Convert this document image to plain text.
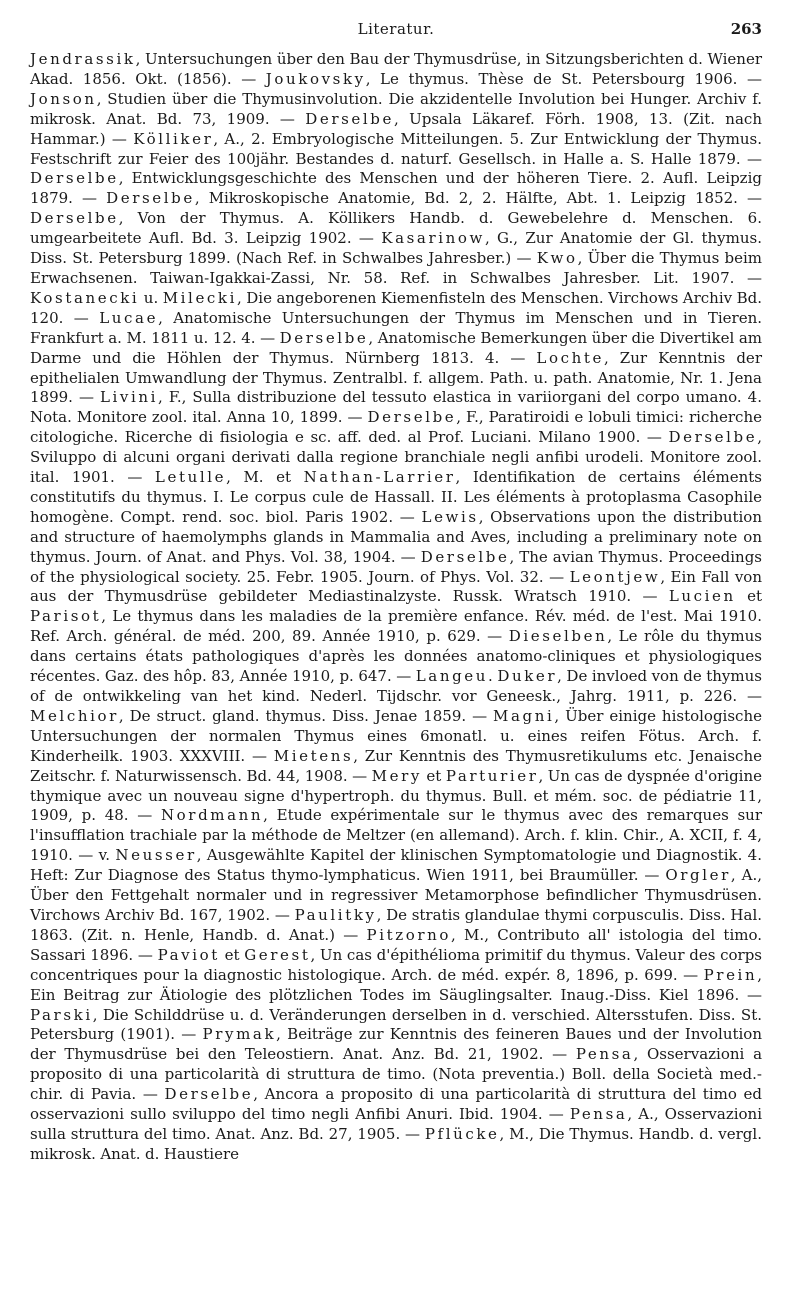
Literatur.	263

Jendrassik, Untersuchungen über den Bau der Thymusdrüse, in Sitzungsberichten d. Wiener Akad. 1856. Okt. (1856). — Joukovsky, Le thymus. Thèse de St. Petersbourg 1906. — Jonson, Studien über die Thymusinvolution. Die akzidentelle Involution bei Hunger. Archiv f. mikrosk. Anat. Bd. 73, 1909. — Derselbe, Upsala Läkaref. Förh. 1908, 13. (Zit. nach Hammar.) — Kölliker, A., 2. Embryologische Mitteilungen. 5. Zur Entwicklung der Thymus. Festschrift zur Feier des 100jähr. Bestandes d. naturf. Gesellsch. in Halle a. S. Halle 1879. — Derselbe, Entwicklungsgeschichte des Menschen und der höheren Tiere. 2. Aufl. Leipzig 1879. — Derselbe, Mikroskopische Anatomie, Bd. 2, 2. Hälfte, Abt. 1. Leipzig 1852. — Derselbe, Von der Thymus. A. Köllikers Handb. d. Gewebelehre d. Menschen. 6. umgearbeitete Aufl. Bd. 3. Leipzig 1902. — Kasarinow, G., Zur Anatomie der Gl. thymus. Diss. St. Petersburg 1899. (Nach Ref. in Schwalbes Jahresber.) — Kwo, Über die Thymus beim Erwachsenen. Taiwan-Igakkai-Zassi, Nr. 58. Ref. in Schwalbes Jahresber. Lit. 1907. — Kostanecki u. Milecki, Die angeborenen Kiemenfisteln des Menschen. Virchows Archiv Bd. 120. — Lucae, Anatomische Untersuchungen der Thymus im Menschen und in Tieren. Frankfurt a. M. 1811 u. 12. 4. — Derselbe, Anatomische Bemerkungen über die Divertikel am Darme und die Höhlen der Thymus. Nürnberg 1813. 4. — Lochte, Zur Kenntnis der epithelialen Umwandlung der Thymus. Zentralbl. f. allgem. Path. u. path. Anatomie, Nr. 1. Jena 1899. — Livini, F., Sulla distribuzione del tessuto elastica in variiorgani del corpo umano. 4. Nota. Monitore zool. ital. Anna 10, 1899. — Derselbe, F., Paratiroidi e lobuli timici: richerche citologiche. Ricerche di fisiologia e sc. aff. ded. al Prof. Luciani. Milano 1900. — Derselbe, Sviluppo di alcuni organi derivati dalla regione branchiale negli anfibi urodeli. Monitore zool. ital. 1901. — Letulle, M. et Nathan-Larrier, Identifikation de certains éléments constitutifs du thymus. I. Le corpus cule de Hassall. II. Les éléments à protoplasma Casophile homogène. Compt. rend. soc. biol. Paris 1902. — Lewis, Observations upon the distribution and structure of haemolymphs glands in Mammalia and Aves, including a preliminary note on thymus. Journ. of Anat. and Phys. Vol. 38, 1904. — Derselbe, The avian Thymus. Proceedings of the physiological society. 25. Febr. 1905. Journ. of Phys. Vol. 32. — Leontjew, Ein Fall von aus der Thymusdrüse gebildeter Mediastinalzyste. Russk. Wratsch 1910. — Lucien et Parisot, Le thymus dans les maladies de la première enfance. Rév. méd. de l'est. Mai 1910. Ref. Arch. général. de méd. 200, 89. Année 1910, p. 629. — Dieselben, Le rôle du thymus dans certains états pathologiques d'après les données anatomo-cliniques et physiologiques récentes. Gaz. des hôp. 83, Année 1910, p. 647. — Langeu. Duker, De invloed von de thymus of de ontwikkeling van het kind. Nederl. Tijdschr. vor Geneesk., Jahrg. 1911, p. 226. — Melchior, De struct. gland. thymus. Diss. Jenae 1859. — Magni, Über einige histologische Untersuchungen der normalen Thymus eines 6monatl. u. eines reifen Fötus. Arch. f. Kinderheilk. 1903. XXXVIII. — Mietens, Zur Kenntnis des Thymusretikulums etc. Jenaische Zeitschr. f. Naturwissensch. Bd. 44, 1908. — Mery et Parturier, Un cas de dyspnée d'origine thymique avec un nouveau signe d'hypertroph. du thymus. Bull. et mém. soc. de pédiatrie 11, 1909, p. 48. — Nordmann, Etude expérimentale sur le thymus avec des remarques sur l'insufflation trachiale par la méthode de Meltzer (en allemand). Arch. f. klin. Chir., A. XCII, f. 4, 1910. — v. Neusser, Ausgewählte Kapitel der klinischen Symptomatologie und Diagnostik. 4. Heft: Zur Diagnose des Status thymo-lymphaticus. Wien 1911, bei Braumüller. — Orgler, A., Über den Fettgehalt normaler und in regressiver Metamorphose befindlicher Thymusdrüsen. Virchows Archiv Bd. 167, 1902. — Paulitky, De stratis glandulae thymi corpusculis. Diss. Hal. 1863. (Zit. n. Henle, Handb. d. Anat.) — Pitzorno, M., Contributo all' istologia del timo. Sassari 1896. — Paviot et Gerest, Un cas d'épithélioma primitif du thymus. Valeur des corps concentriques pour la diagnostic histologique. Arch. de méd. expér. 8, 1896, p. 699. — Prein, Ein Beitrag zur Ätiologie des plötzlichen Todes im Säuglingsalter. Inaug.-Diss. Kiel 1896. — Parski, Die Schilddrüse u. d. Veränderungen derselben in d. verschied. Altersstufen. Diss. St. Petersburg (1901). — Prymak, Beiträge zur Kenntnis des feineren Baues und der Involution der Thymusdrüse bei den Teleostiern. Anat. Anz. Bd. 21, 1902. — Pensa, Osservazioni a proposito di una particolarità di struttura de timo. (Nota preventia.) Boll. della Società med.-chir. di Pavia. — Derselbe, Ancora a proposito di una particolarità di struttura del timo ed osservazioni sullo sviluppo del timo negli Anfibi Anuri. Ibid. 1904. — Pensa, A., Osservazioni sulla struttura del timo. Anat. Anz. Bd. 27, 1905. — Pflücke, M., Die Thymus. Handb. d. vergl. mikrosk. Anat. d. Haustiere
